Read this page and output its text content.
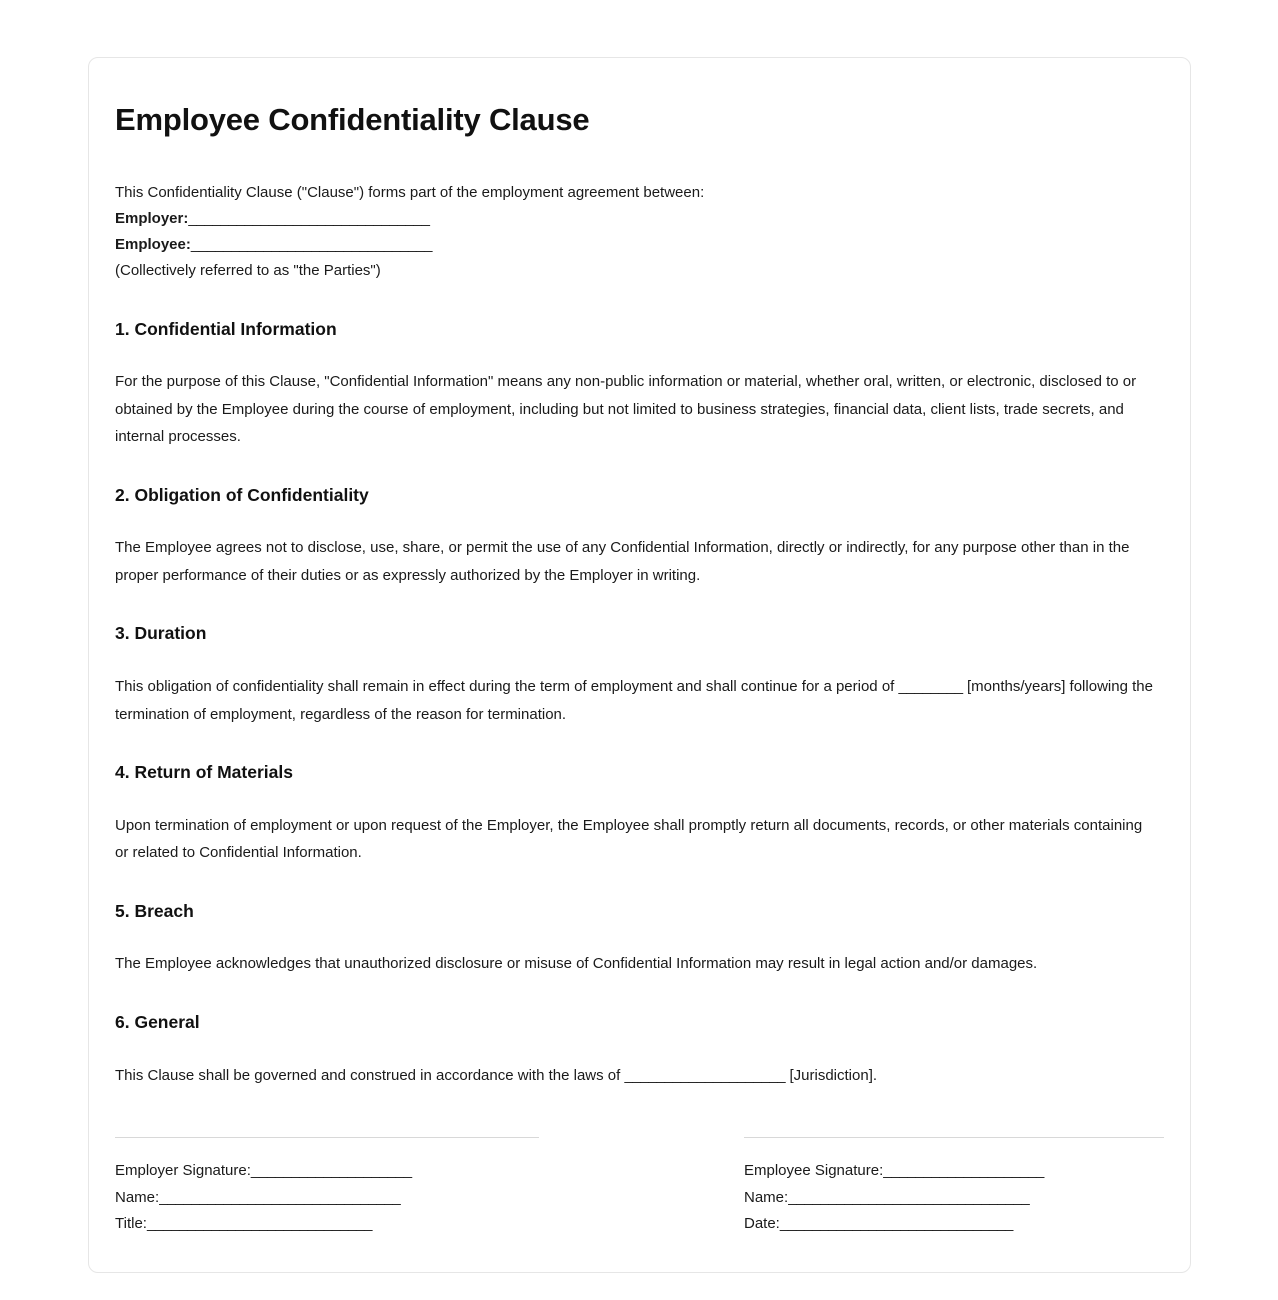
Employee Confidentiality Clause

This Confidentiality Clause ("Clause") forms part of the employment agreement between:

Employer:______________________________

Employee:______________________________

(Collectively referred to as "the Parties")

1. Confidential Information

For the purpose of this Clause, "Confidential Information" means any non-public information or material, whether oral, written, or electronic, disclosed to or obtained by the Employee during the course of employment, including but not limited to business strategies, financial data, client lists, trade secrets, and internal processes.

2. Obligation of Confidentiality

The Employee agrees not to disclose, use, share, or permit the use of any Confidential Information, directly or indirectly, for any purpose other than in the proper performance of their duties or as expressly authorized by the Employer in writing.

3. Duration

This obligation of confidentiality shall remain in effect during the term of employment and shall continue for a period of ________ [months/years] following the termination of employment, regardless of the reason for termination.

4. Return of Materials

Upon termination of employment or upon request of the Employer, the Employee shall promptly return all documents, records, or other materials containing or related to Confidential Information.

5. Breach

The Employee acknowledges that unauthorized disclosure or misuse of Confidential Information may result in legal action and/or damages.

6. General

This Clause shall be governed and construed in accordance with the laws of ____________________ [Jurisdiction].

Employer Signature:____________________

Name:______________________________

Title:____________________________

Employee Signature:____________________

Name:______________________________

Date:_____________________________
